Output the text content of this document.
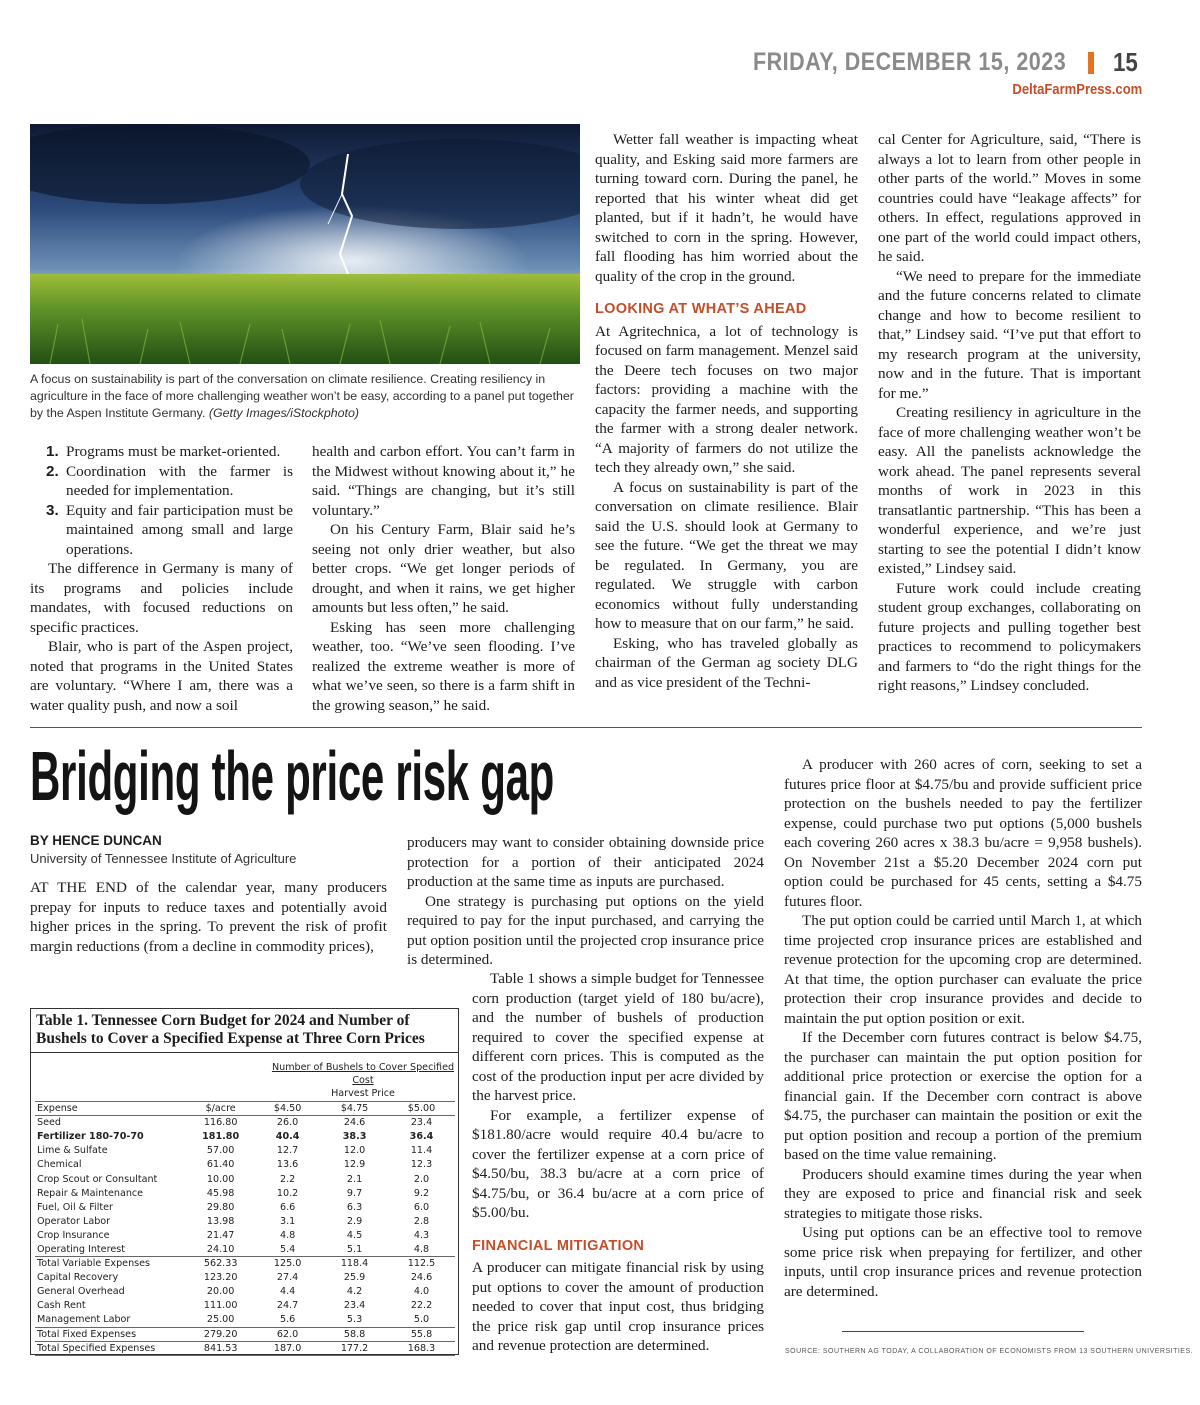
FRIDAY, DECEMBER 15, 2023 15
DeltaFarmPress.com
A focus on sustainability is part of the conversation on climate resilience. Creating resiliency in agriculture in the face of more challenging weather won’t be easy, according to a panel put together by the Aspen Institute Germany. (Getty Images/iStockphoto)
1. Programs must be market-oriented.
2. Coordination with the farmer is needed for implementation.
3. Equity and fair participation must be maintained among small and large operations.

The difference in Germany is many of its programs and policies include mandates, with focused reductions on specific practices.

Blair, who is part of the Aspen project, noted that programs in the United States are voluntary. “Where I am, there was a water quality push, and now a soil

health and carbon effort. You can’t farm in the Midwest without knowing about it,” he said. “Things are changing, but it’s still voluntary.”

On his Century Farm, Blair said he’s seeing not only drier weather, but also better crops. “We get longer periods of drought, and when it rains, we get higher amounts but less often,” he said.

Esking has seen more challenging weather, too. “We’ve seen flooding. I’ve realized the extreme weather is more of what we’ve seen, so there is a farm shift in the growing season,” he said.

Wetter fall weather is impacting wheat quality, and Esking said more farmers are turning toward corn. During the panel, he reported that his winter wheat did get planted, but if it hadn’t, he would have switched to corn in the spring. However, fall flooding has him worried about the quality of the crop in the ground.

LOOKING AT WHAT’S AHEAD

At Agritechnica, a lot of technology is focused on farm management. Menzel said the Deere tech focuses on two major factors: providing a machine with the capacity the farmer needs, and supporting the farmer with a strong dealer network. “A majority of farmers do not utilize the tech they already own,” she said.

A focus on sustainability is part of the conversation on climate resilience. Blair said the U.S. should look at Germany to see the future. “We get the threat we may be regulated. In Germany, you are regulated. We struggle with carbon economics without fully understanding how to measure that on our farm,” he said.

Esking, who has traveled globally as chairman of the German ag society DLG and as vice president of the Techni-

cal Center for Agriculture, said, “There is always a lot to learn from other people in other parts of the world.” Moves in some countries could have “leakage affects” for others. In effect, regulations approved in one part of the world could impact others, he said.

“We need to prepare for the immediate and the future concerns related to climate change and how to become resilient to that,” Lindsey said. “I’ve put that effort to my research program at the university, now and in the future. That is important for me.”

Creating resiliency in agriculture in the face of more challenging weather won’t be easy. All the panelists acknowledge the work ahead. The panel represents several months of work in 2023 in this transatlantic partnership. “This has been a wonderful experience, and we’re just starting to see the potential I didn’t know existed,” Lindsey said.

Future work could include creating student group exchanges, collaborating on future projects and pulling together best practices to recommend to policymakers and farmers to “do the right things for the right reasons,” Lindsey concluded.

Bridging the price risk gap
BY HENCE DUNCAN
University of Tennessee Institute of Agriculture

AT THE END of the calendar year, many producers prepay for inputs to reduce taxes and potentially avoid higher prices in the spring. To prevent the risk of profit margin reductions (from a decline in commodity prices),

producers may want to consider obtaining downside price protection for a portion of their anticipated 2024 production at the same time as inputs are purchased.

One strategy is purchasing put options on the yield required to pay for the input purchased, and carrying the put option position until the projected crop insurance price is determined.

Table 1 shows a simple budget for Tennessee corn production (target yield of 180 bu/acre), and the number of bushels of production required to cover the specified expense at different corn prices. This is computed as the cost of the production input per acre divided by the harvest price.

For example, a fertilizer expense of $181.80/acre would require 40.4 bu/acre to cover the fertilizer expense at a corn price of $4.50/bu, 38.3 bu/acre at a corn price of $4.75/bu, or 36.4 bu/acre at a corn price of $5.00/bu.

FINANCIAL MITIGATION

A producer can mitigate financial risk by using put options to cover the amount of production needed to cover that input cost, thus bridging the price risk gap until crop insurance prices and revenue protection are determined.

A producer with 260 acres of corn, seeking to set a futures price floor at $4.75/bu and provide sufficient price protection on the bushels needed to pay the fertilizer expense, could purchase two put options (5,000 bushels each covering 260 acres x 38.3 bu/acre = 9,958 bushels). On November 21st a $5.20 December 2024 corn put option could be purchased for 45 cents, setting a $4.75 futures floor.

The put option could be carried until March 1, at which time projected crop insurance prices are established and revenue protection for the upcoming crop are determined. At that time, the option purchaser can evaluate the price protection their crop insurance provides and decide to maintain the put option position or exit.

If the December corn futures contract is below $4.75, the purchaser can maintain the put option position for additional price protection or exercise the option for a financial gain. If the December corn contract is above $4.75, the purchaser can maintain the position or exit the put option position and recoup a portion of the premium based on the time value remaining.

Producers should examine times during the year when they are exposed to price and financial risk and seek strategies to mitigate those risks.

Using put options can be an effective tool to remove some price risk when prepaying for fertilizer, and other inputs, until crop insurance prices and revenue protection are determined.

SOURCE: SOUTHERN AG TODAY, A COLLABORATION OF ECONOMISTS FROM 13 SOUTHERN UNIVERSITIES.
Table 1. Tennessee Corn Budget for 2024 and Number of Bushels to Cover a Specified Expense at Three Corn Prices
Number of Bushels to Cover Specified
Cost
Harvest Price
Expense	$/acre	$4.50	$4.75	$5.00
Seed	116.80	26.0	24.6	23.4
Fertilizer 180-70-70	181.80	40.4	38.3	36.4
Lime & Sulfate	57.00	12.7	12.0	11.4
Chemical	61.40	13.6	12.9	12.3
Crop Scout or Consultant	10.00	2.2	2.1	2.0
Repair & Maintenance	45.98	10.2	9.7	9.2
Fuel, Oil & Filter	29.80	6.6	6.3	6.0
Operator Labor	13.98	3.1	2.9	2.8
Crop Insurance	21.47	4.8	4.5	4.3
Operating Interest	24.10	5.4	5.1	4.8
Total Variable Expenses	562.33	125.0	118.4	112.5
Capital Recovery	123.20	27.4	25.9	24.6
General Overhead	20.00	4.4	4.2	4.0
Cash Rent	111.00	24.7	23.4	22.2
Management Labor	25.00	5.6	5.3	5.0
Total Fixed Expenses	279.20	62.0	58.8	55.8
Total Specified Expenses	841.53	187.0	177.2	168.3
